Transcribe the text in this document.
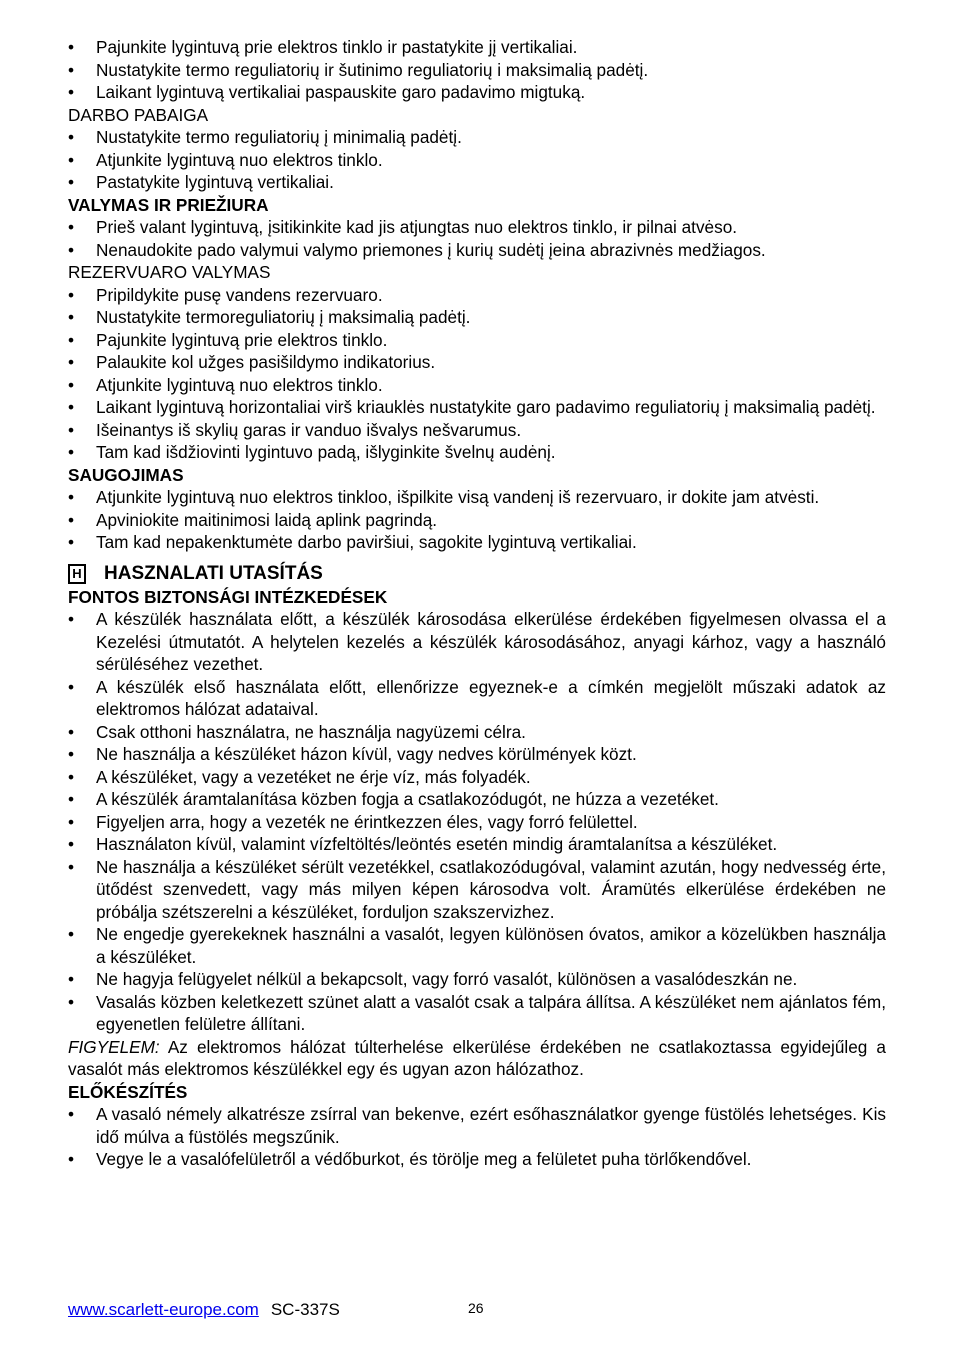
• Pajunkite lygintuvą prie elektros tinklo ir pastatykite jį vertikaliai.
• Nustatykite termo reguliatorių ir šutinimo reguliatorių i maksimalią padėtį.
• Laikant lygintuvą vertikaliai paspauskite garo padavimo migtuką.

DARBO PABAIGA

• Nustatykite termo reguliatorių į minimalią padėtį.
• Atjunkite lygintuvą nuo elektros tinklo.
• Pastatykite lygintuvą vertikaliai.

VALYMAS IR PRIEŽIURA

• Prieš valant lygintuvą, įsitikinkite kad jis atjungtas nuo elektros tinklo, ir pilnai atvėso.
• Nenaudokite pado valymui valymo priemones į kurių sudėtį įeina abrazivnės medžiagos.

REZERVUARO VALYMAS

• Pripildykite pusę vandens rezervuaro.
• Nustatykite termoreguliatorių į maksimalią padėtį.
• Pajunkite lygintuvą prie elektros tinklo.
• Palaukite kol užges pasišildymo indikatorius.
• Atjunkite lygintuvą nuo elektros tinklo.
• Laikant lygintuvą horizontaliai virš kriauklės nustatykite garo padavimo reguliatorių į maksimalią padėtį.
• Išeinantys iš skylių garas ir vanduo išvalys nešvarumus.
• Tam kad išdžiovinti lygintuvo padą, išlyginkite švelnų audėnį.

SAUGOJIMAS

• Atjunkite lygintuvą nuo elektros tinkloo, išpilkite visą vandenį iš rezervuaro, ir dokite jam atvėsti.
• Apviniokite maitinimosi laidą aplink pagrindą.
• Tam kad nepakenktumėte darbo paviršiui, sagokite lygintuvą vertikaliai.
H HASZNALATI UTASÍTÁS

FONTOS BIZTONSÁGI INTÉZKEDÉSEK

• A készülék használata előtt, a készülék károsodása elkerülése érdekében figyelmesen olvassa el a Kezelési útmutatót. A helytelen kezelés a készülék károsodásához, anyagi kárhoz, vagy a használó sérüléséhez vezethet.
• A készülék első használata előtt, ellenőrizze egyeznek-e a címkén megjelölt műszaki adatok az elektromos hálózat adataival.
• Csak otthoni használatra, ne használja nagyüzemi célra.
• Ne használja a készüléket házon kívül, vagy nedves körülmények közt.
• A készüléket, vagy a vezetéket ne érje víz, más folyadék.
• A készülék áramtalanítása közben fogja a csatlakozódugót, ne húzza a vezetéket.
• Figyeljen arra, hogy a vezeték ne érintkezzen éles, vagy forró felülettel.
• Használaton kívül, valamint vízfeltöltés/leöntés esetén mindig áramtalanítsa a készüléket.
• Ne használja a készüléket sérült vezetékkel, csatlakozódugóval, valamint azután, hogy nedvesség érte, ütődést szenvedett, vagy más milyen képen károsodva volt. Áramütés elkerülése érdekében ne próbálja szétszerelni a készüléket, forduljon szakszervizhez.
• Ne engedje gyerekeknek használni a vasalót, legyen különösen óvatos, amikor a közelükben használja a készüléket.
• Ne hagyja felügyelet nélkül a bekapcsolt, vagy forró vasalót, különösen a vasalódeszkán ne.
• Vasalás közben keletkezett szünet alatt a vasalót csak a talpára állítsa. A készüléket nem ajánlatos fém, egyenetlen felületre állítani.

FIGYELEM: Az elektromos hálózat túlterhelése elkerülése érdekében ne csatlakoztassa egyidejűleg a vasalót más elektromos készülékkel egy és ugyan azon hálózathoz.

ELŐKÉSZÍTÉS

• A vasaló némely alkatrésze zsírral van bekenve, ezért esőhasználatkor gyenge füstölés lehetséges. Kis idő múlva a füstölés megszűnik.
• Vegye le a vasalófelületről a védőburkot, és törölje meg a felületet puha törlőkendővel.
www.scarlett-europe.com SC-337S	26
